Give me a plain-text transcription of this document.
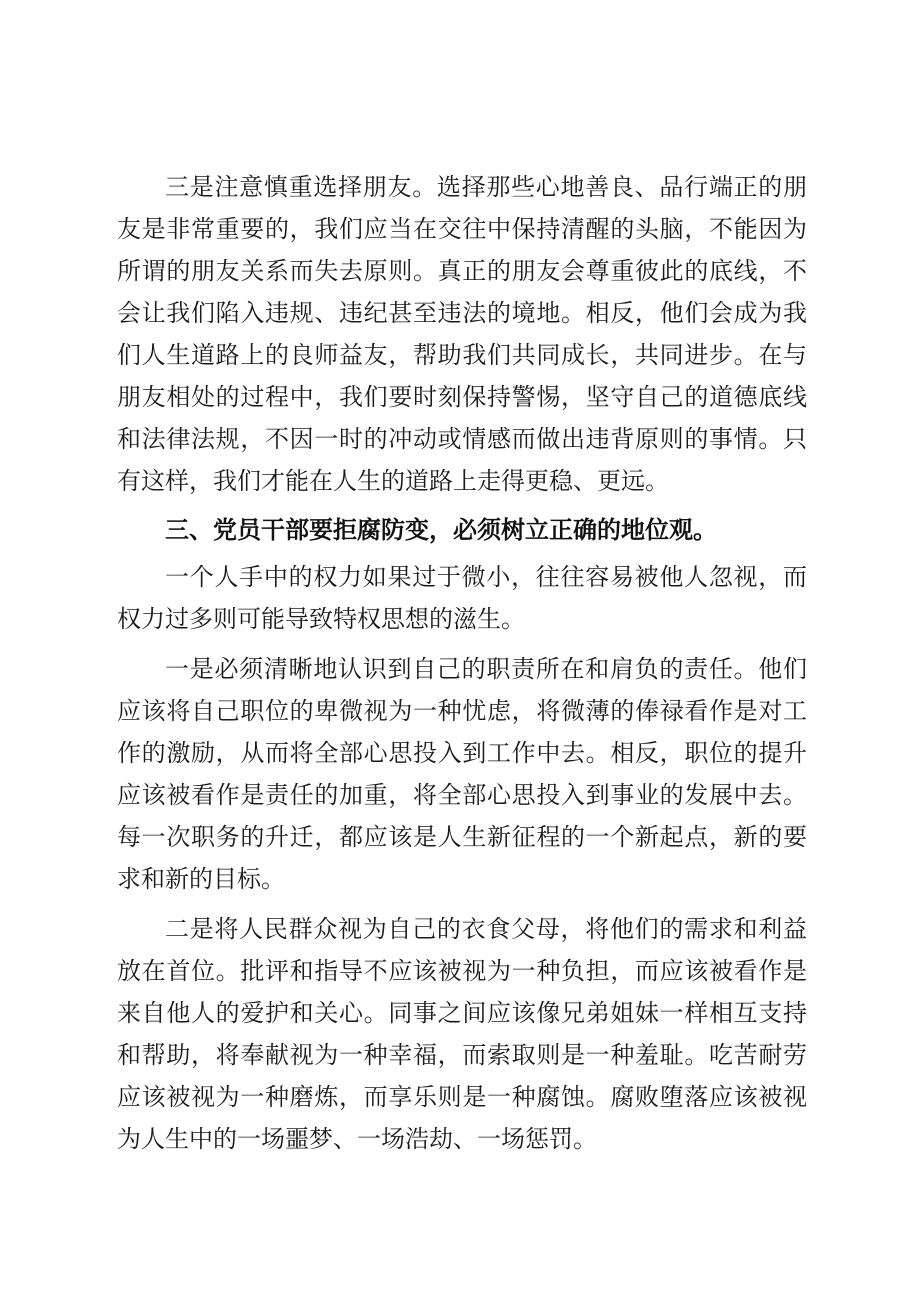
三是注意慎重选择朋友。选择那些心地善良、品行端正的朋友是非常重要的，我们应当在交往中保持清醒的头脑，不能因为所谓的朋友关系而失去原则。真正的朋友会尊重彼此的底线，不会让我们陷入违规、违纪甚至违法的境地。相反，他们会成为我们人生道路上的良师益友，帮助我们共同成长，共同进步。在与朋友相处的过程中，我们要时刻保持警惕，坚守自己的道德底线和法律法规，不因一时的冲动或情感而做出违背原则的事情。只有这样，我们才能在人生的道路上走得更稳、更远。

三、党员干部要拒腐防变，必须树立正确的地位观。

一个人手中的权力如果过于微小，往往容易被他人忽视，而权力过多则可能导致特权思想的滋生。

一是必须清晰地认识到自己的职责所在和肩负的责任。他们应该将自己职位的卑微视为一种忧虑，将微薄的俸禄看作是对工作的激励，从而将全部心思投入到工作中去。相反，职位的提升应该被看作是责任的加重，将全部心思投入到事业的发展中去。每一次职务的升迁，都应该是人生新征程的一个新起点，新的要求和新的目标。

二是将人民群众视为自己的衣食父母，将他们的需求和利益放在首位。批评和指导不应该被视为一种负担，而应该被看作是来自他人的爱护和关心。同事之间应该像兄弟姐妹一样相互支持和帮助，将奉献视为一种幸福，而索取则是一种羞耻。吃苦耐劳应该被视为一种磨炼，而享乐则是一种腐蚀。腐败堕落应该被视为人生中的一场噩梦、一场浩劫、一场惩罚。
